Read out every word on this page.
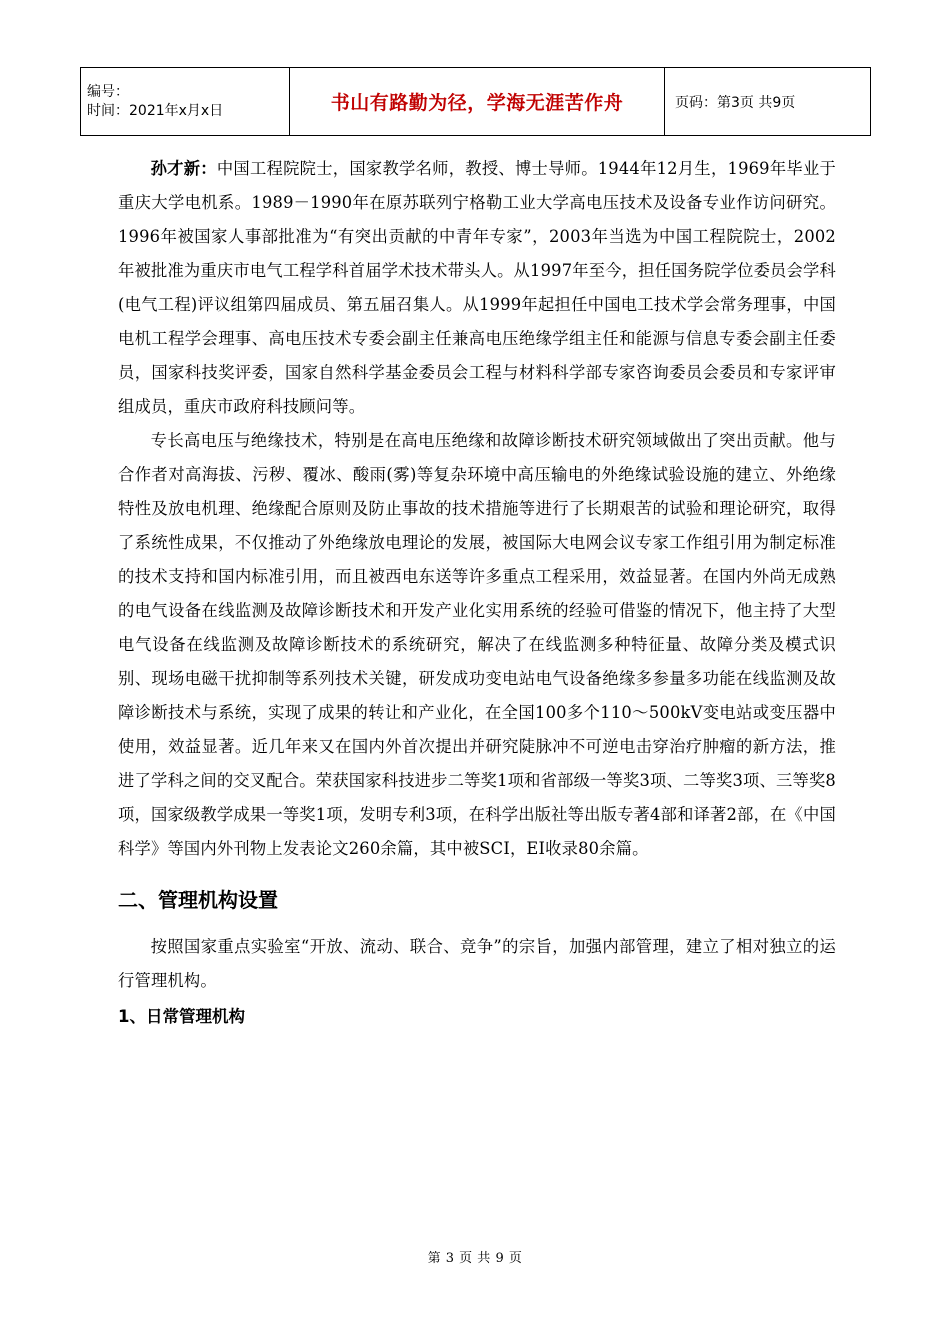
编号：
时间：2021年x月x日	书山有路勤为径，学海无涯苦作舟	页码：第3页 共9页

孙才新：中国工程院院士，国家教学名师，教授、博士导师。1944年12月生，1969年毕业于重庆大学电机系。1989－1990年在原苏联列宁格勒工业大学高电压技术及设备专业作访问研究。1996年被国家人事部批准为“有突出贡献的中青年专家”，2003年当选为中国工程院院士，2002年被批准为重庆市电气工程学科首届学术技术带头人。从1997年至今，担任国务院学位委员会学科(电气工程)评议组第四届成员、第五届召集人。从1999年起担任中国电工技术学会常务理事，中国电机工程学会理事、高电压技术专委会副主任兼高电压绝缘学组主任和能源与信息专委会副主任委员，国家科技奖评委，国家自然科学基金委员会工程与材料科学部专家咨询委员会委员和专家评审组成员，重庆市政府科技顾问等。

专长高电压与绝缘技术，特别是在高电压绝缘和故障诊断技术研究领域做出了突出贡献。他与合作者对高海拔、污秽、覆冰、酸雨(雾)等复杂环境中高压输电的外绝缘试验设施的建立、外绝缘特性及放电机理、绝缘配合原则及防止事故的技术措施等进行了长期艰苦的试验和理论研究，取得了系统性成果，不仅推动了外绝缘放电理论的发展，被国际大电网会议专家工作组引用为制定标准的技术支持和国内标准引用，而且被西电东送等许多重点工程采用，效益显著。在国内外尚无成熟的电气设备在线监测及故障诊断技术和开发产业化实用系统的经验可借鉴的情况下，他主持了大型电气设备在线监测及故障诊断技术的系统研究，解决了在线监测多种特征量、故障分类及模式识别、现场电磁干扰抑制等系列技术关键，研发成功变电站电气设备绝缘多参量多功能在线监测及故障诊断技术与系统，实现了成果的转让和产业化，在全国100多个110～500kV变电站或变压器中使用，效益显著。近几年来又在国内外首次提出并研究陡脉冲不可逆电击穿治疗肿瘤的新方法，推进了学科之间的交叉配合。荣获国家科技进步二等奖1项和省部级一等奖3项、二等奖3项、三等奖8项，国家级教学成果一等奖1项，发明专利3项，在科学出版社等出版专著4部和译著2部，在《中国科学》等国内外刊物上发表论文260余篇，其中被SCI，EI收录80余篇。

二、管理机构设置

按照国家重点实验室“开放、流动、联合、竞争”的宗旨，加强内部管理，建立了相对独立的运行管理机构。

1、日常管理机构
第 3 页 共 9 页
